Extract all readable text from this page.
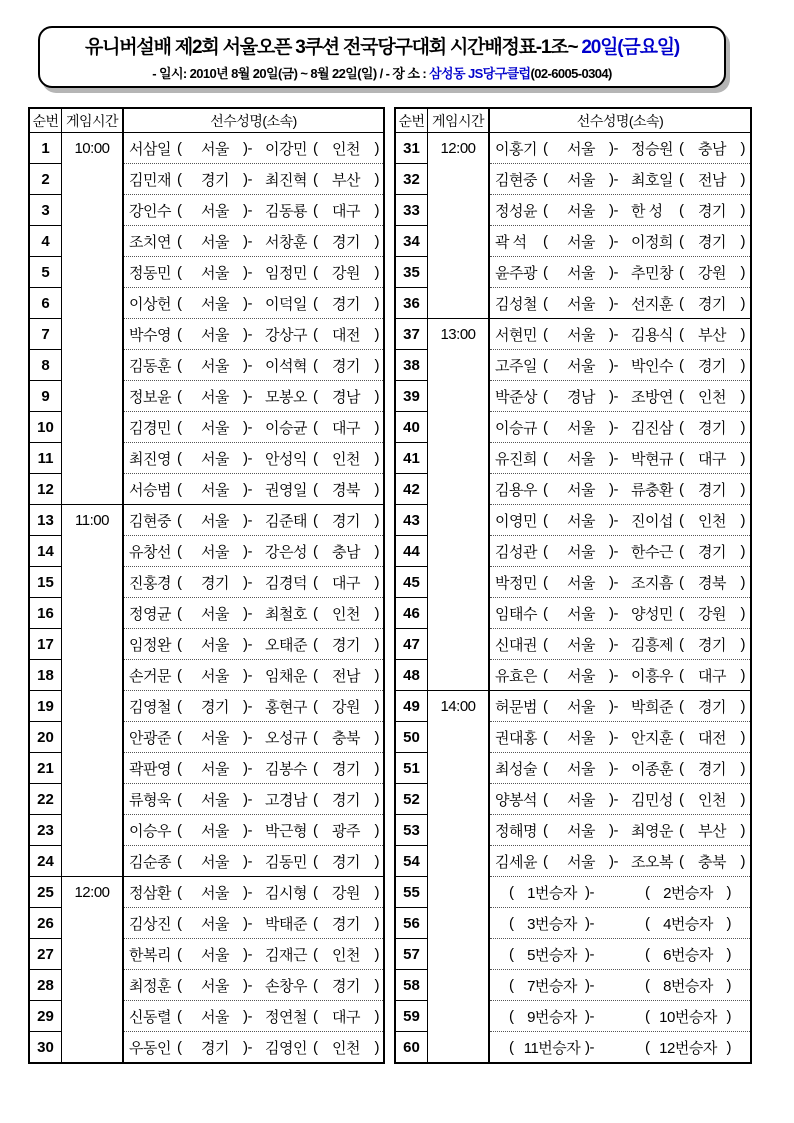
유니버설배 제2회 서울오픈 3쿠션 전국당구대회 시간배정표-1조~ 20일(금요일)
- 일시: 2010년 8월 20일(금) ~ 8월 22일(일) / - 장 소 : 삼성동 JS당구클럽(02-6005-0304)
순번 게임시간	선수성명(소속)
1	10:00	서삼일 (	서울 )- 이강민 ( 인천 )
2	김민재 (	경기 )- 최진혁 ( 부산 )
3	강인수 (	서울 )- 김동룡 ( 대구 )
4	조치연 (	서울 )- 서창훈 ( 경기 )
5	정동민 (	서울 )- 임정민 ( 강원 )
6	이상헌 (	서울 )- 이덕일 ( 경기 )
7	박수영 (	서울 )- 강상구 ( 대전 )
8	김동훈 (	서울 )- 이석혁 ( 경기 )
9	정보윤 (	서울 )- 모봉오 ( 경남 )
10	김경민 (	서울 )- 이승균 ( 대구 )
11	최진영 (	서울 )- 안성익 ( 인천 )
12	서승범 (	서울 )- 권영일 ( 경북 )
13	11:00	김현중 (	서울 )- 김준태 ( 경기 )
14	유창선 (	서울 )- 강은성 ( 충남 )
15	진홍경 (	경기 )- 김경덕 ( 대구 )
16	정영균 (	서울 )- 최철호 ( 인천 )
17	임정완 (	서울 )- 오태준 ( 경기 )
18	손거문 (	서울 )- 임채운 ( 전남 )
19	김영철 (	경기 )- 홍현구 ( 강원 )
20	안광준 (	서울 )- 오성규 ( 충북 )
21	곽판영 (	서울 )- 김봉수 ( 경기 )
22	류형욱 (	서울 )- 고경남 ( 경기 )
23	이승우 (	서울 )- 박근형 ( 광주 )
24	김순종 (	서울 )- 김동민 ( 경기 )
25	12:00	정삼환 (	서울 )- 김시형 ( 강원 )
26	김상진 (	서울 )- 박태준 ( 경기 )
27	한복리 (	서울 )- 김재근 ( 인천 )
28	최정훈 (	서울 )- 손창우 ( 경기 )
29	신동렬 (	서울 )- 정연철 ( 대구 )
30	우동인 (	경기 )- 김영인 ( 인천 )
순번 게임시간	선수성명(소속)
31	12:00	이홍기 (	서울 )- 정승원 ( 충남 )
32	김현중 (	서울 )- 최호일 ( 전남 )
33	정성윤 (	서울 )- 한 성	( 경기 )
34	곽 석	(	서울 )- 이정희 ( 경기 )
35	윤주광 (	서울 )- 추민창 ( 강원 )
36	김성철 (	서울 )- 선지훈 ( 경기 )
37	13:00	서현민 (	서울 )- 김용식 ( 부산 )
38	고주일 (	서울 )- 박인수 ( 경기 )
39	박준상 (	경남 )- 조방연 ( 인천 )
40	이승규 (	서울 )- 김진삼 ( 경기 )
41	유진희 (	서울 )- 박현규 ( 대구 )
42	김용우 (	서울 )- 류충환 ( 경기 )
43	이영민 (	서울 )- 진이섭 ( 인천 )
44	김성관 (	서울 )- 한수근 ( 경기 )
45	박정민 (	서울 )- 조지흠 ( 경북 )
46	임태수 (	서울 )- 양성민 ( 강원 )
47	신대권 (	서울 )- 김흥제 ( 경기 )
48	유효은 (	서울 )- 이흥우 ( 대구 )
49	14:00	허문범 (	서울 )- 박희준 ( 경기 )
50	권대홍 (	서울 )- 안지훈 ( 대전 )
51	최성술 (	서울 )- 이종훈 ( 경기 )
52	양봉석 (	서울 )- 김민성 ( 인천 )
53	정해명 (	서울 )- 최영운 ( 부산 )
54	김세윤 (	서울 )- 조오복 ( 충북 )
55	( 1번승자 )-	( 2번승자 )
56	( 3번승자 )-	( 4번승자 )
57	( 5번승자 )-	( 6번승자 )
58	( 7번승자 )-	( 8번승자 )
59	( 9번승자 )-	( 10번승자 )
60	( 11번승자 )-	( 12번승자 )
